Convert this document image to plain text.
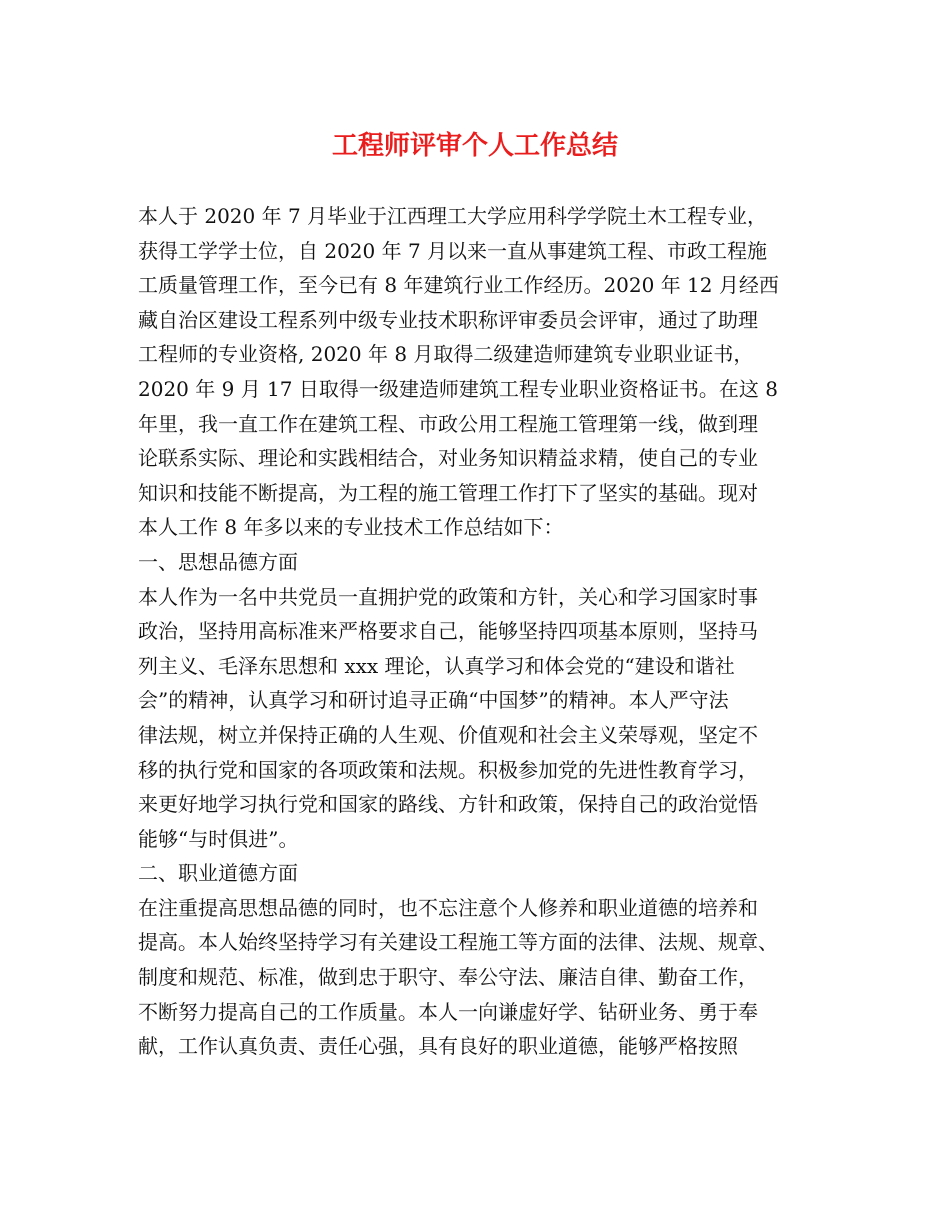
工程师评审个人工作总结
本人于 2020 年 7 月毕业于江西理工大学应用科学学院土木工程专业，
获得工学学士位，自 2020 年 7 月以来一直从事建筑工程、市政工程施
工质量管理工作，至今已有 8 年建筑行业工作经历。2020 年 12 月经西
藏自治区建设工程系列中级专业技术职称评审委员会评审，通过了助理
工程师的专业资格, 2020 年 8 月取得二级建造师建筑专业职业证书，
2020 年 9 月 17 日取得一级建造师建筑工程专业职业资格证书。在这 8
年里，我一直工作在建筑工程、市政公用工程施工管理第一线，做到理
论联系实际、理论和实践相结合，对业务知识精益求精，使自己的专业
知识和技能不断提高，为工程的施工管理工作打下了坚实的基础。现对
本人工作 8 年多以来的专业技术工作总结如下：
一、思想品德方面
本人作为一名中共党员一直拥护党的政策和方针，关心和学习国家时事
政治，坚持用高标准来严格要求自己，能够坚持四项基本原则，坚持马
列主义、毛泽东思想和 xxx 理论，认真学习和体会党的“建设和谐社
会”的精神，认真学习和研讨追寻正确“中国梦”的精神。本人严守法
律法规，树立并保持正确的人生观、价值观和社会主义荣辱观，坚定不
移的执行党和国家的各项政策和法规。积极参加党的先进性教育学习，
来更好地学习执行党和国家的路线、方针和政策，保持自己的政治觉悟
能够“与时俱进”。
二、职业道德方面
在注重提高思想品德的同时，也不忘注意个人修养和职业道德的培养和
提高。本人始终坚持学习有关建设工程施工等方面的法律、法规、规章、
制度和规范、标准，做到忠于职守、奉公守法、廉洁自律、勤奋工作，
不断努力提高自己的工作质量。本人一向谦虚好学、钻研业务、勇于奉
献，工作认真负责、责任心强，具有良好的职业道德，能够严格按照
